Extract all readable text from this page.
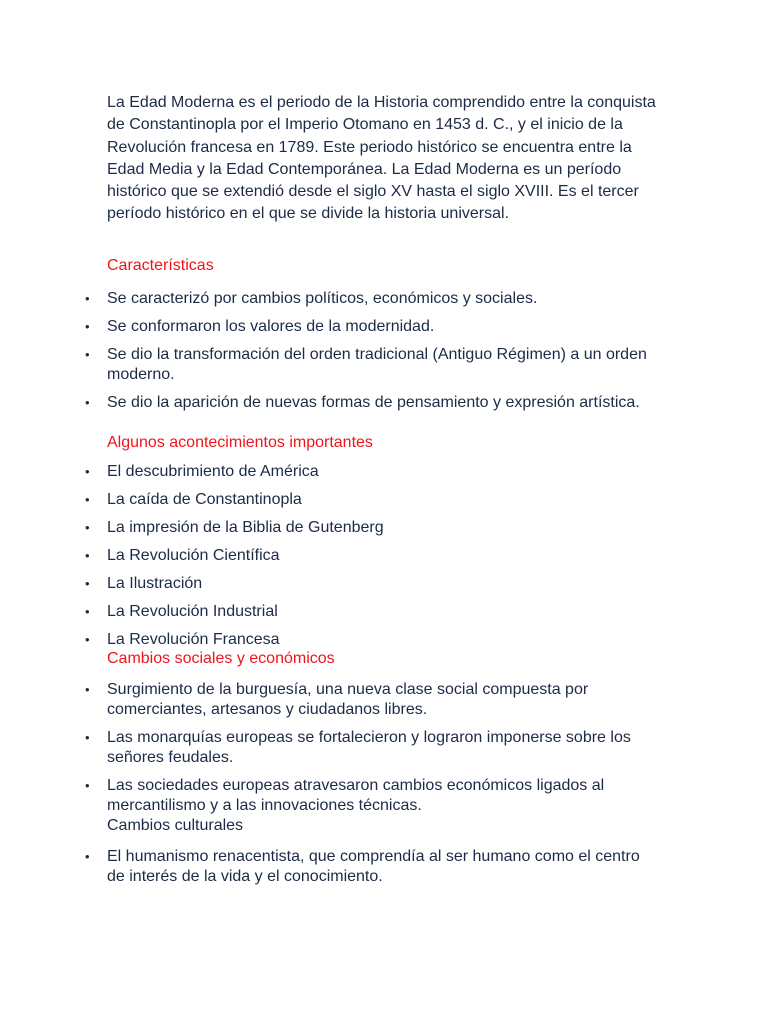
La Edad Moderna es el periodo de la Historia comprendido entre la conquista de Constantinopla por el Imperio Otomano en 1453 d. C., y el inicio de la Revolución francesa en 1789. Este periodo histórico se encuentra entre la Edad Media y la Edad Contemporánea. La Edad Moderna es un período histórico que se extendió desde el siglo XV hasta el siglo XVIII. Es el tercer período histórico en el que se divide la historia universal.

Características

• Se caracterizó por cambios políticos, económicos y sociales.
• Se conformaron los valores de la modernidad.
• Se dio la transformación del orden tradicional (Antiguo Régimen) a un orden moderno.
• Se dio la aparición de nuevas formas de pensamiento y expresión artística.

Algunos acontecimientos importantes

• El descubrimiento de América
• La caída de Constantinopla
• La impresión de la Biblia de Gutenberg
• La Revolución Científica
• La Ilustración
• La Revolución Industrial
• La Revolución Francesa

Cambios sociales y económicos

• Surgimiento de la burguesía, una nueva clase social compuesta por comerciantes, artesanos y ciudadanos libres.
• Las monarquías europeas se fortalecieron y lograron imponerse sobre los señores feudales.
• Las sociedades europeas atravesaron cambios económicos ligados al mercantilismo y a las innovaciones técnicas.

Cambios culturales

• El humanismo renacentista, que comprendía al ser humano como el centro de interés de la vida y el conocimiento.
